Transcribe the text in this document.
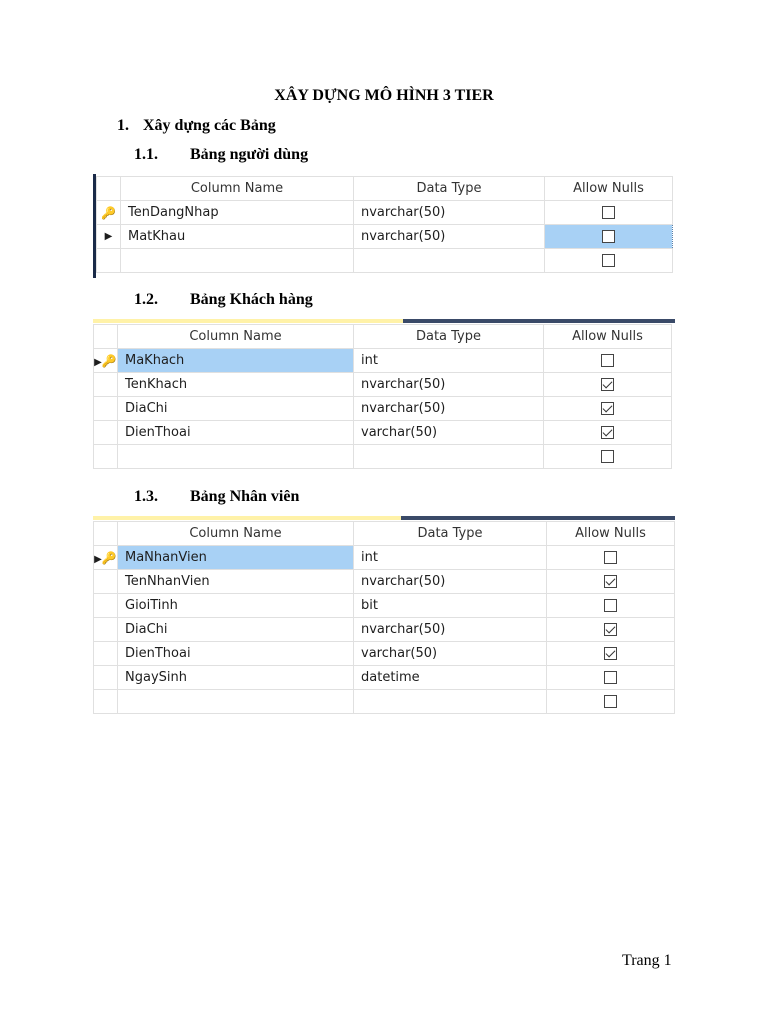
XÂY DỰNG MÔ HÌNH 3 TIER
1. Xây dựng các Bảng
1.1. Bảng người dùng
	Column Name	Data Type	Allow Nulls
🔑	TenDangNhap	nvarchar(50)	
▶	MatKhau	nvarchar(50)	

1.2. Bảng Khách hàng
	Column Name	Data Type	Allow Nulls
▶🔑	MaKhach	int	
	TenKhach	nvarchar(50)	
	DiaChi	nvarchar(50)	
	DienThoai	varchar(50)	

1.3. Bảng Nhân viên
	Column Name	Data Type	Allow Nulls
▶🔑	MaNhanVien	int	
	TenNhanVien	nvarchar(50)	
	GioiTinh	bit	
	DiaChi	nvarchar(50)	
	DienThoai	varchar(50)	
	NgaySinh	datetime	

Trang 1
